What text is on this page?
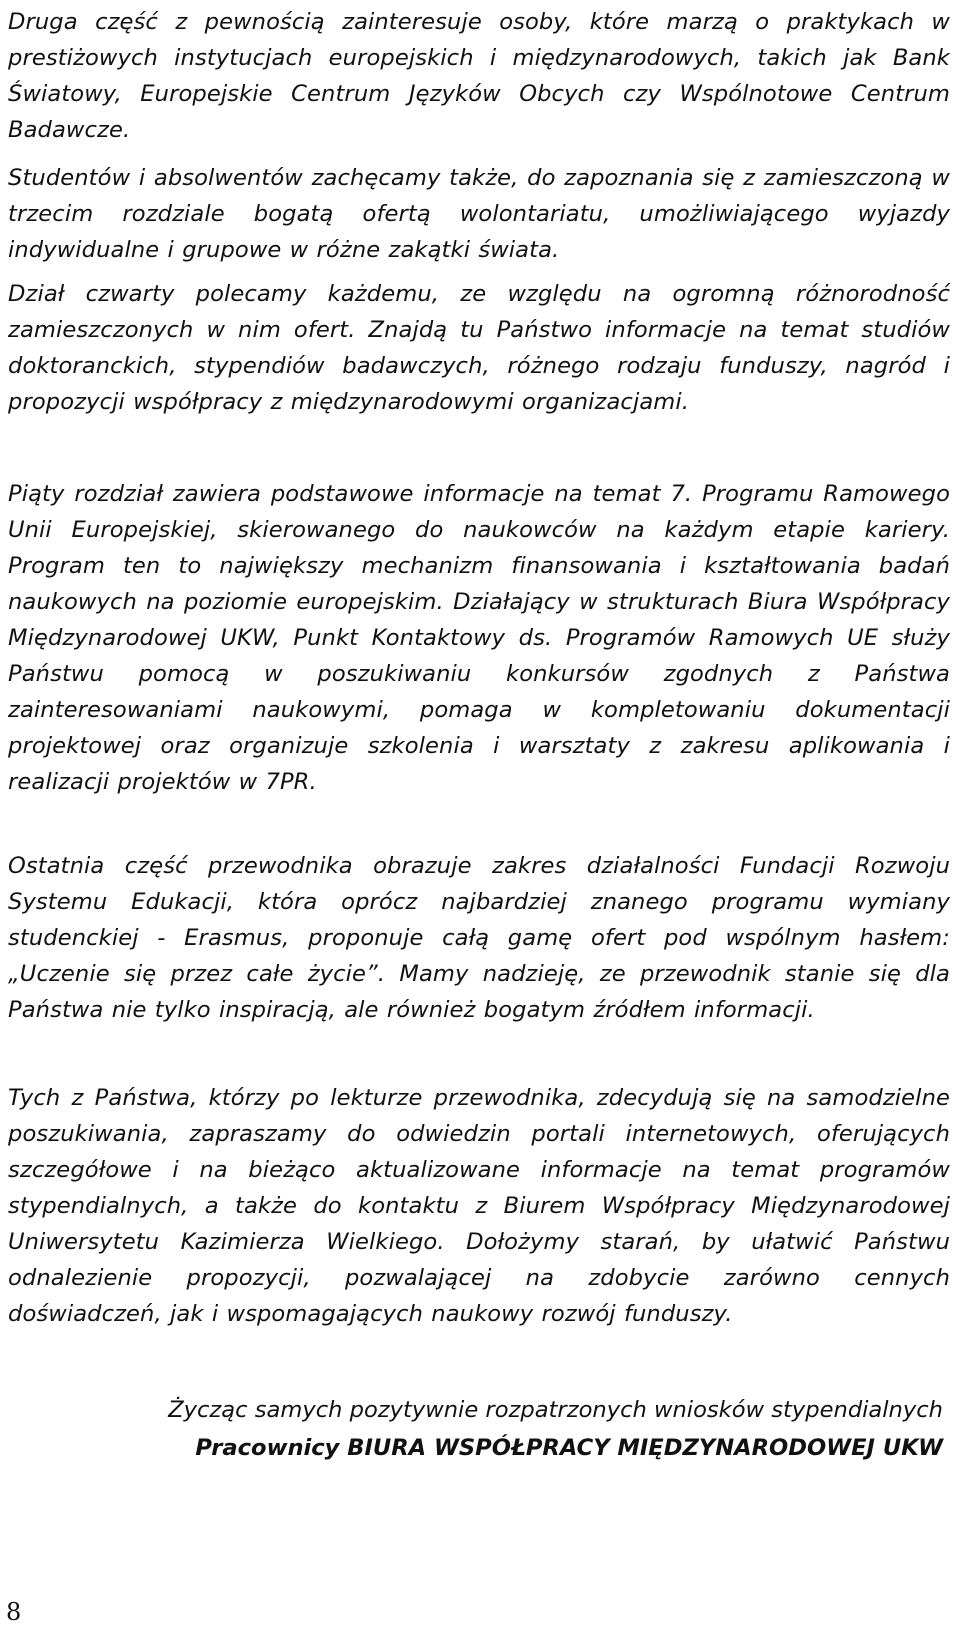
Druga część z pewnością zainteresuje osoby, które marzą o praktykach w prestiżowych instytucjach europejskich i międzynarodowych, takich jak Bank Światowy, Europejskie Centrum Języków Obcych czy Wspólnotowe Centrum Badawcze.

Studentów i absolwentów zachęcamy także, do zapoznania się z zamieszczoną w trzecim rozdziale bogatą ofertą wolontariatu, umożliwiającego wyjazdy indywidualne i grupowe w różne zakątki świata.

Dział czwarty polecamy każdemu, ze względu na ogromną różnorodność zamieszczonych w nim ofert. Znajdą tu Państwo informacje na temat studiów doktoranckich, stypendiów badawczych, różnego rodzaju funduszy, nagród i propozycji współpracy z międzynarodowymi organizacjami.

Piąty rozdział zawiera podstawowe informacje na temat 7. Programu Ramowego Unii Europejskiej, skierowanego do naukowców na każdym etapie kariery. Program ten to największy mechanizm finansowania i kształtowania badań naukowych na poziomie europejskim. Działający w strukturach Biura Współpracy Międzynarodowej UKW, Punkt Kontaktowy ds. Programów Ramowych UE służy Państwu pomocą w poszukiwaniu konkursów zgodnych z Państwa zainteresowaniami naukowymi, pomaga w kompletowaniu dokumentacji projektowej oraz organizuje szkolenia i warsztaty z zakresu aplikowania i realizacji projektów w 7PR.

Ostatnia część przewodnika obrazuje zakres działalności Fundacji Rozwoju Systemu Edukacji, która oprócz najbardziej znanego programu wymiany studenckiej - Erasmus, proponuje całą gamę ofert pod wspólnym hasłem: „Uczenie się przez całe życie”. Mamy nadzieję, ze przewodnik stanie się dla Państwa nie tylko inspiracją, ale również bogatym źródłem informacji.

Tych z Państwa, którzy po lekturze przewodnika, zdecydują się na samodzielne poszukiwania, zapraszamy do odwiedzin portali internetowych, oferujących szczegółowe i na bieżąco aktualizowane informacje na temat programów stypendialnych, a także do kontaktu z Biurem Współpracy Międzynarodowej Uniwersytetu Kazimierza Wielkiego. Dołożymy starań, by ułatwić Państwu odnalezienie propozycji, pozwalającej na zdobycie zarówno cennych doświadczeń, jak i wspomagających naukowy rozwój funduszy.

Życząc samych pozytywnie rozpatrzonych wniosków stypendialnych

Pracownicy BIURA WSPÓŁPRACY MIĘDZYNARODOWEJ UKW

8
